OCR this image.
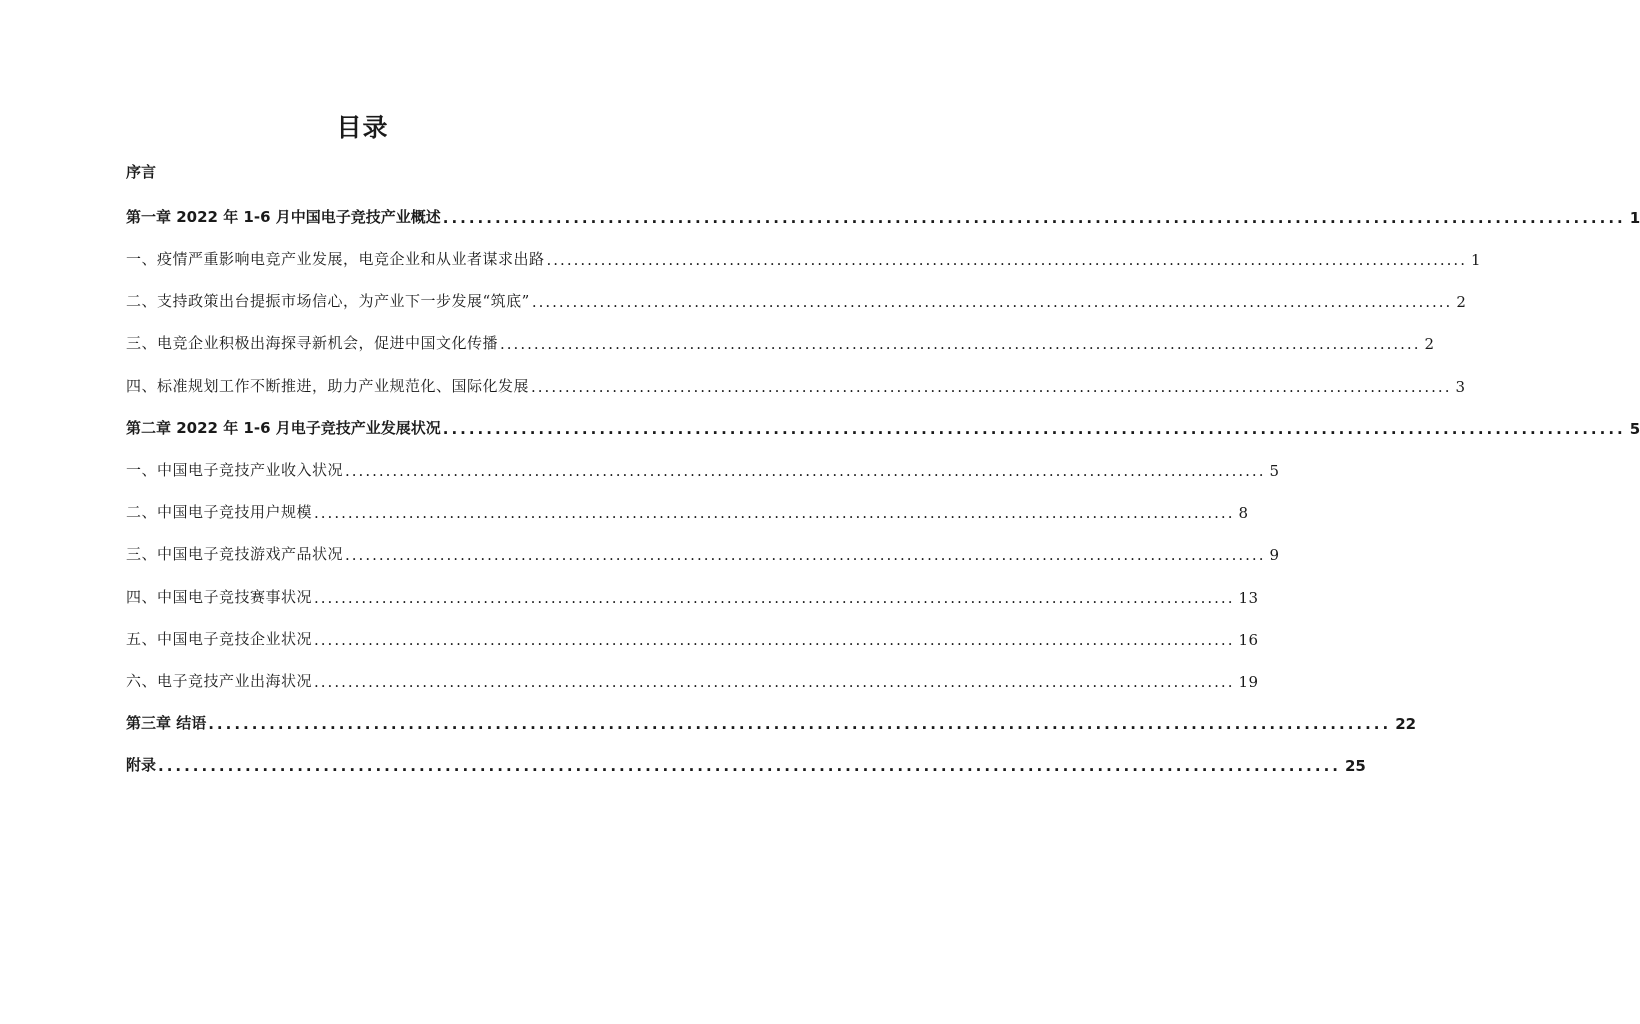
目录
序言
第一章 2022 年 1-6 月中国电子竞技产业概述 .....	1
一、疫情严重影响电竞产业发展，电竞企业和从业者谋求出路 .....	1
二、支持政策出台提振市场信心，为产业下一步发展“筑底” .....	2
三、电竞企业积极出海探寻新机会，促进中国文化传播 .....	2
四、标准规划工作不断推进，助力产业规范化、国际化发展 .....	3
第二章 2022 年 1-6 月电子竞技产业发展状况 .....	5
一、中国电子竞技产业收入状况 .....	5
二、中国电子竞技用户规模 .....	8
三、中国电子竞技游戏产品状况 .....	9
四、中国电子竞技赛事状况 .....	13
五、中国电子竞技企业状况 .....	16
六、电子竞技产业出海状况 .....	19
第三章 结语 .....	22
附录 .....	25
